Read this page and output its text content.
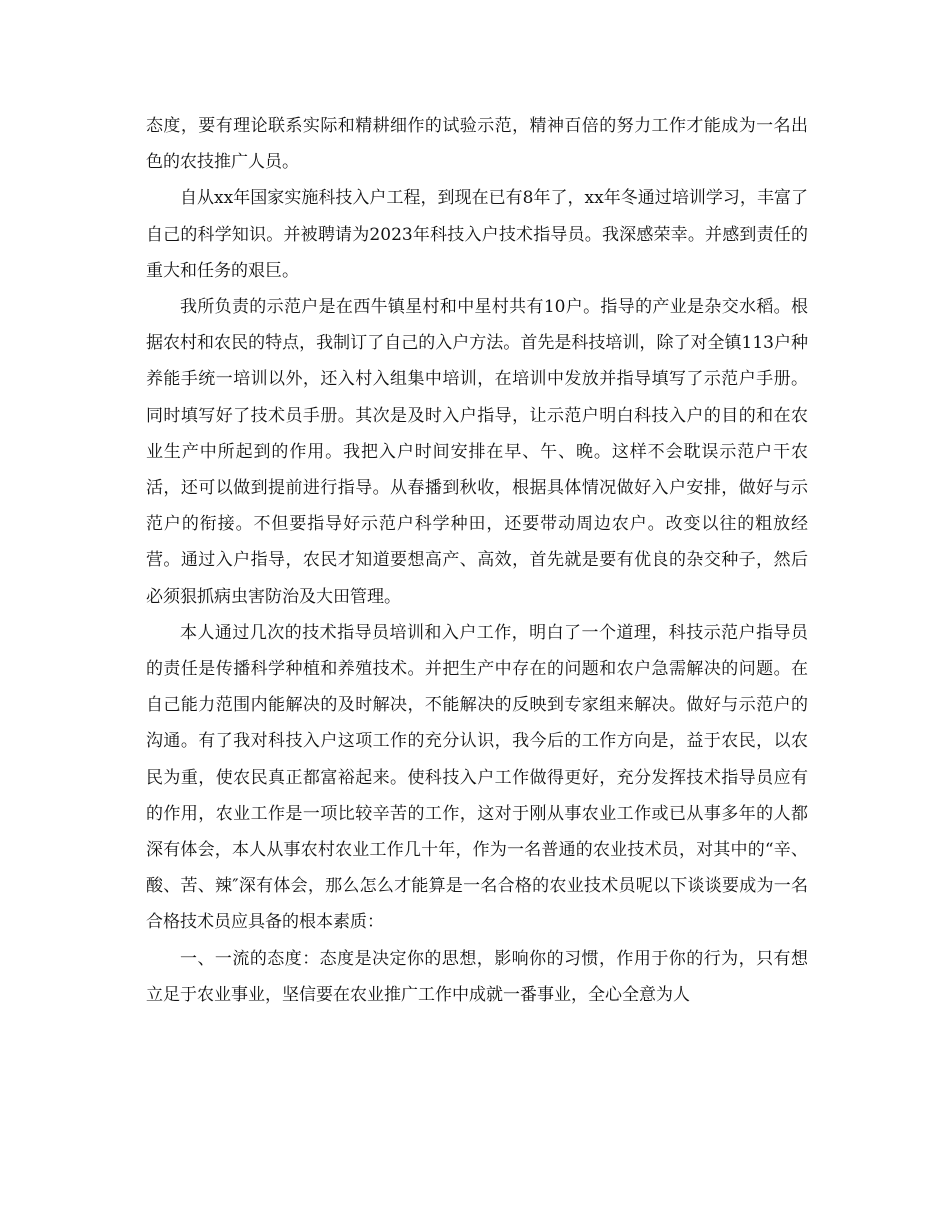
态度，要有理论联系实际和精耕细作的试验示范，精神百倍的努力工作才能成为一名出色的农技推广人员。

自从xx年国家实施科技入户工程，到现在已有8年了，xx年冬通过培训学习，丰富了自己的科学知识。并被聘请为2023年科技入户技术指导员。我深感荣幸。并感到责任的重大和任务的艰巨。

我所负责的示范户是在西牛镇星村和中星村共有10户。指导的产业是杂交水稻。根据农村和农民的特点，我制订了自己的入户方法。首先是科技培训，除了对全镇113户种养能手统一培训以外，还入村入组集中培训，在培训中发放并指导填写了示范户手册。同时填写好了技术员手册。其次是及时入户指导，让示范户明白科技入户的目的和在农业生产中所起到的作用。我把入户时间安排在早、午、晚。这样不会耽误示范户干农活，还可以做到提前进行指导。从春播到秋收，根据具体情况做好入户安排，做好与示范户的衔接。不但要指导好示范户科学种田，还要带动周边农户。改变以往的粗放经营。通过入户指导，农民才知道要想高产、高效，首先就是要有优良的杂交种子，然后必须狠抓病虫害防治及大田管理。

本人通过几次的技术指导员培训和入户工作，明白了一个道理，科技示范户指导员的责任是传播科学种植和养殖技术。并把生产中存在的问题和农户急需解决的问题。在自己能力范围内能解决的及时解决，不能解决的反映到专家组来解决。做好与示范户的沟通。有了我对科技入户这项工作的充分认识，我今后的工作方向是，益于农民，以农民为重，使农民真正都富裕起来。使科技入户工作做得更好，充分发挥技术指导员应有的作用，农业工作是一项比较辛苦的工作，这对于刚从事农业工作或已从事多年的人都深有体会，本人从事农村农业工作几十年，作为一名普通的农业技术员，对其中的“辛、酸、苦、辣″深有体会，那么怎么才能算是一名合格的农业技术员呢以下谈谈要成为一名合格技术员应具备的根本素质：

一、一流的态度：态度是决定你的思想，影响你的习惯，作用于你的行为，只有想立足于农业事业，坚信要在农业推广工作中成就一番事业，全心全意为人
